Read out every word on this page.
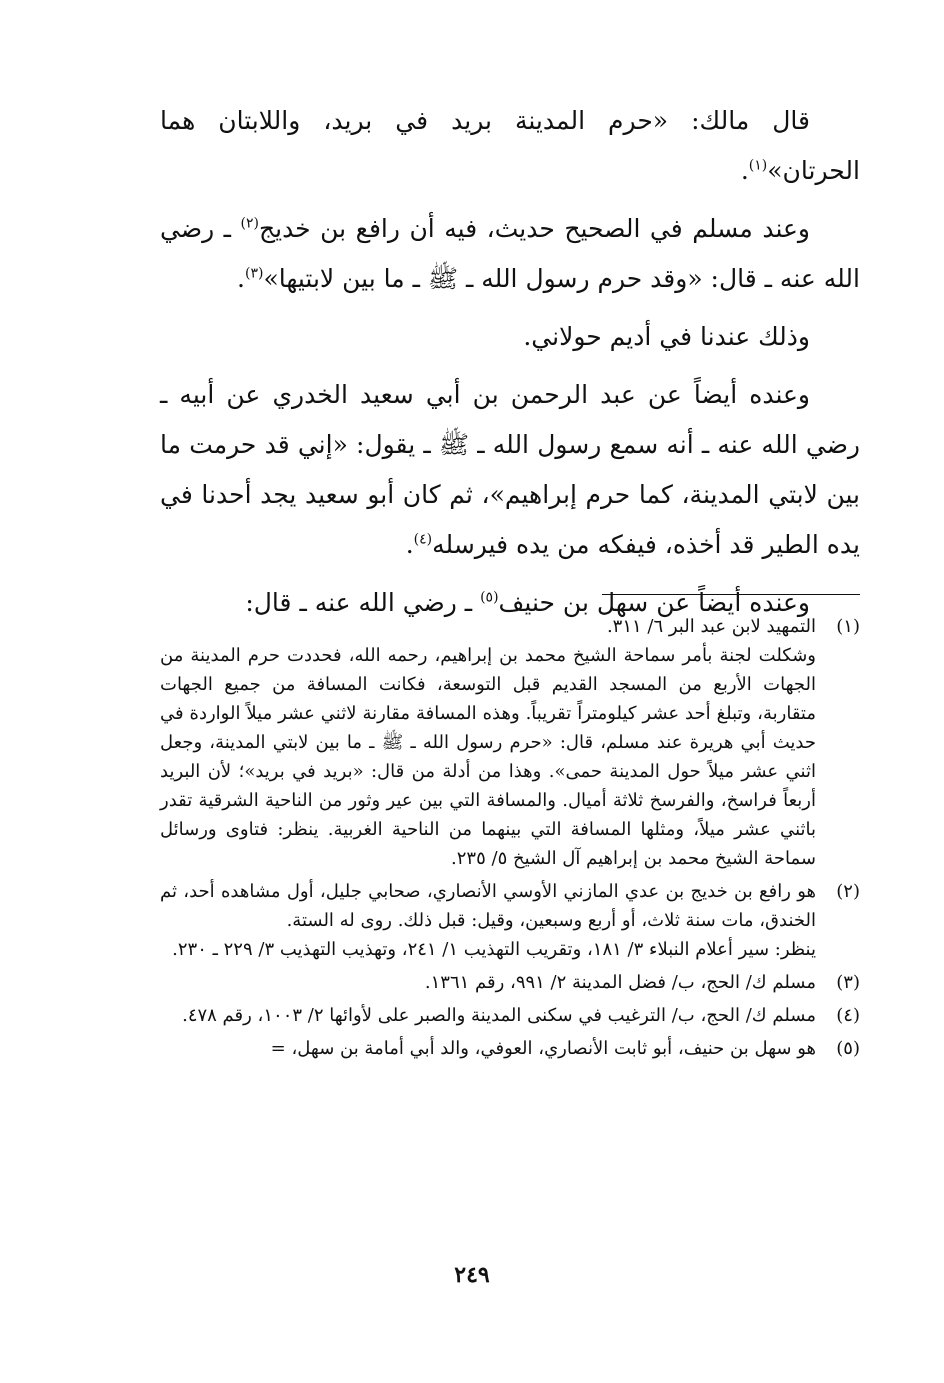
قال مالك: «حرم المدينة بريد في بريد، واللابتان هما الحرتان»$^{(١)}$.

وعند مسلم في الصحيح حديث، فيه أن رافع بن خديج$^{(٢)}$ ـ رضي الله عنه ـ قال: «وقد حرم رسول الله ـ ﷺ ـ ما بين لابتيها»$^{(٣)}$.

وذلك عندنا في أديم حولاني.

وعنده أيضاً عن عبد الرحمن بن أبي سعيد الخدري عن أبيه ـ رضي الله عنه ـ أنه سمع رسول الله ـ ﷺ ـ يقول: «إني قد حرمت ما بين لابتي المدينة، كما حرم إبراهيم»، ثم كان أبو سعيد يجد أحدنا في يده الطير قد أخذه، فيفكه من يده فيرسله$^{(٤)}$.

وعنده أيضاً عن سهل بن حنيف$^{(٥)}$ ـ رضي الله عنه ـ قال:

(١)
التمهيد لابن عبد البر ٦/ ٣١١.
وشكلت لجنة بأمر سماحة الشيخ محمد بن إبراهيم، رحمه الله، فحددت حرم المدينة من الجهات الأربع من المسجد القديم قبل التوسعة، فكانت المسافة من جميع الجهات متقاربة، وتبلغ أحد عشر كيلومتراً تقريباً. وهذه المسافة مقارنة لاثني عشر ميلاً الواردة في حديث أبي هريرة عند مسلم، قال: «حرم رسول الله ـ ﷺ ـ ما بين لابتي المدينة، وجعل اثني عشر ميلاً حول المدينة حمى». وهذا من أدلة من قال: «بريد في بريد»؛ لأن البريد أربعاً فراسخ، والفرسخ ثلاثة أميال. والمسافة التي بين عير وثور من الناحية الشرقية تقدر باثني عشر ميلاً، ومثلها المسافة التي بينهما من الناحية الغربية. ينظر: فتاوى ورسائل سماحة الشيخ محمد بن إبراهيم آل الشيخ ٥/ ٢٣٥.
(٢)
هو رافع بن خديج بن عدي المازني الأوسي الأنصاري، صحابي جليل، أول مشاهده أحد، ثم الخندق، مات سنة ثلاث، أو أربع وسبعين، وقيل: قبل ذلك. روى له الستة.
ينظر: سير أعلام النبلاء ٣/ ١٨١، وتقريب التهذيب ١/ ٢٤١، وتهذيب التهذيب ٣/ ٢٢٩ ـ ٢٣٠.
(٣)
مسلم ك/ الحج، ب/ فضل المدينة ٢/ ٩٩١، رقم ١٣٦١.
(٤)
مسلم ك/ الحج، ب/ الترغيب في سكنى المدينة والصبر على لأوائها ٢/ ١٠٠٣، رقم ٤٧٨.
(٥)
هو سهل بن حنيف، أبو ثابت الأنصاري، العوفي، والد أبي أمامة بن سهل، =
٢٤٩
